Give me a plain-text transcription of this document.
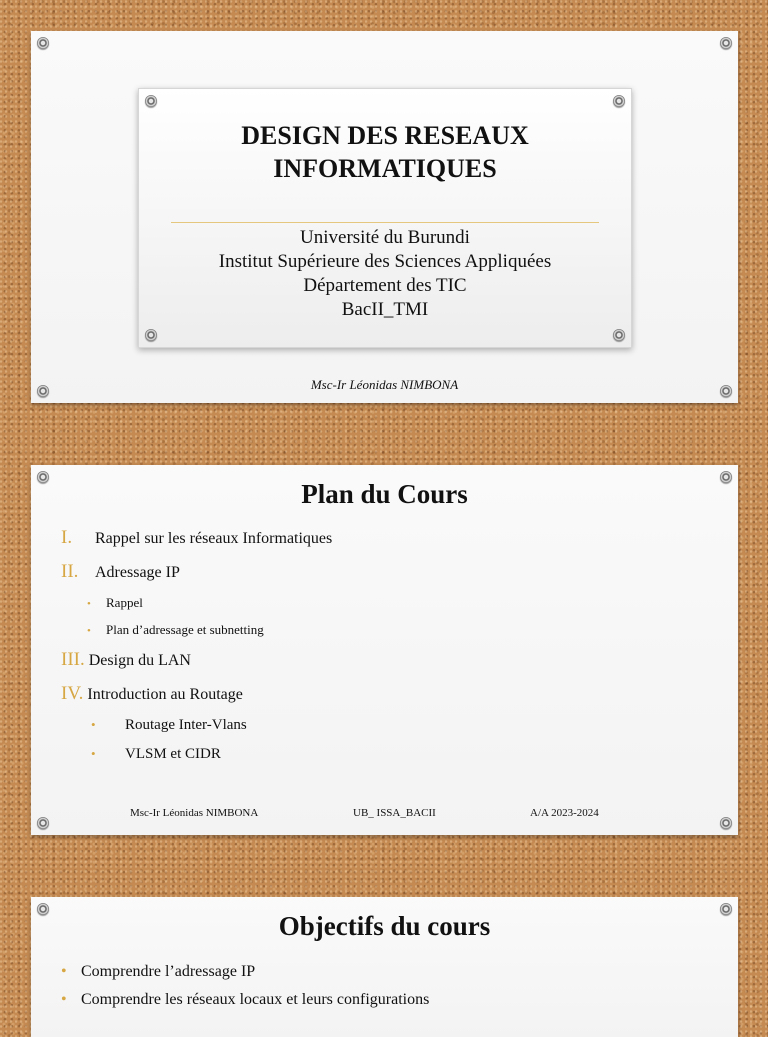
DESIGN DES RESEAUX
INFORMATIQUES
Université du Burundi
Institut Supérieure des Sciences Appliquées
Département des TIC
BacII_TMI
Msc-Ir Léonidas NIMBONA
Plan du Cours
I.	Rappel sur les réseaux Informatiques
II.	Adressage IP
•	Rappel
•	Plan d’adressage et subnetting
III. Design du LAN
IV. Introduction au Routage
•	Routage Inter-Vlans
•	VLSM et CIDR
Msc-Ir Léonidas NIMBONA	UB_ ISSA_BACII	A/A 2023-2024
Objectifs du cours
• Comprendre l’adressage IP
• Comprendre les réseaux locaux et leurs configurations
